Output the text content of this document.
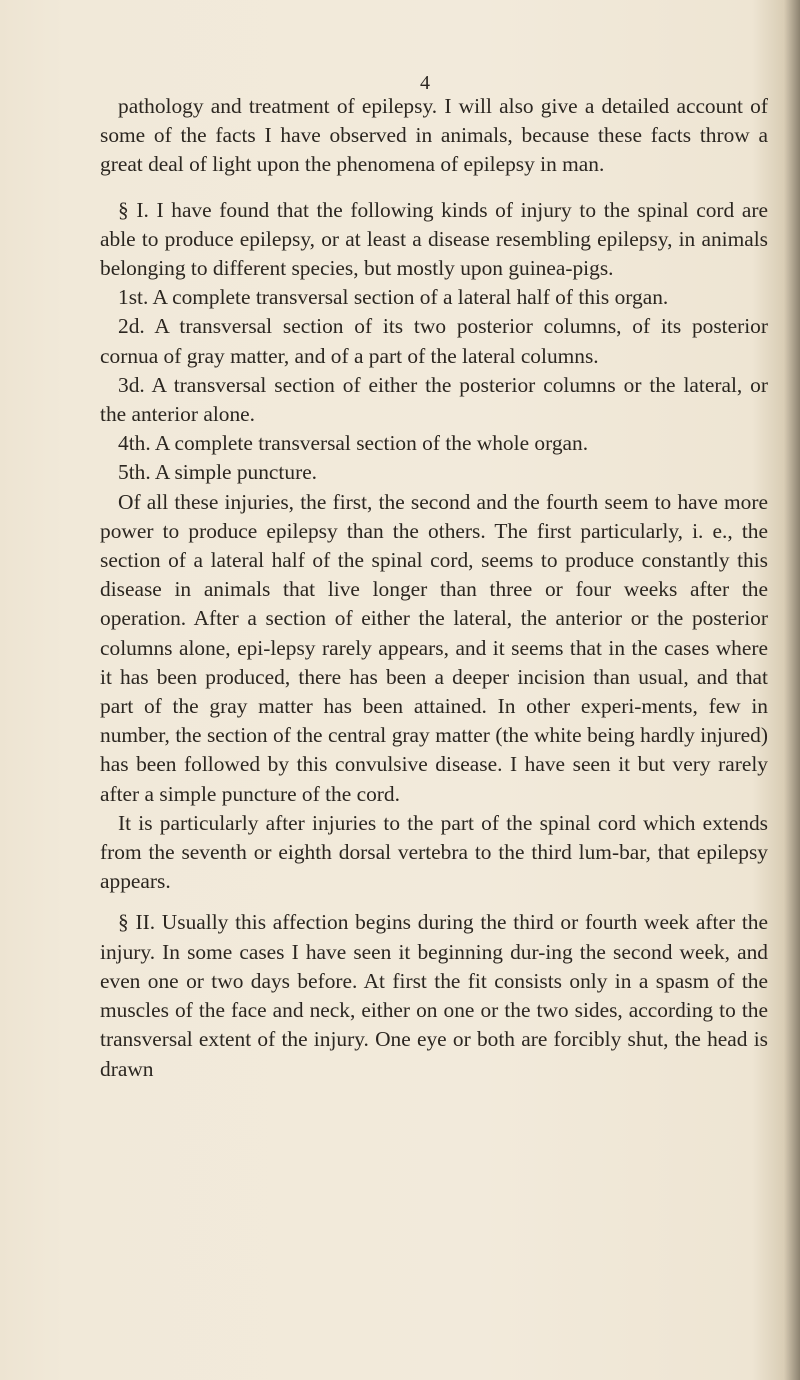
4

pathology and treatment of epilepsy. I will also give a detailed account of some of the facts I have observed in animals, because these facts throw a great deal of light upon the phenomena of epilepsy in man.

§ I. I have found that the following kinds of injury to the spinal cord are able to produce epilepsy, or at least a disease resembling epilepsy, in animals belonging to different species, but mostly upon guinea-pigs.

1st. A complete transversal section of a lateral half of this organ.

2d. A transversal section of its two posterior columns, of its posterior cornua of gray matter, and of a part of the lateral columns.

3d. A transversal section of either the posterior columns or the lateral, or the anterior alone.

4th. A complete transversal section of the whole organ.

5th. A simple puncture.

Of all these injuries, the first, the second and the fourth seem to have more power to produce epilepsy than the others. The first particularly, i. e., the section of a lateral half of the spinal cord, seems to produce constantly this disease in animals that live longer than three or four weeks after the operation. After a section of either the lateral, the anterior or the posterior columns alone, epi-lepsy rarely appears, and it seems that in the cases where it has been produced, there has been a deeper incision than usual, and that part of the gray matter has been attained. In other experi-ments, few in number, the section of the central gray matter (the white being hardly injured) has been followed by this convulsive disease. I have seen it but very rarely after a simple puncture of the cord.

It is particularly after injuries to the part of the spinal cord which extends from the seventh or eighth dorsal vertebra to the third lum-bar, that epilepsy appears.

§ II. Usually this affection begins during the third or fourth week after the injury. In some cases I have seen it beginning dur-ing the second week, and even one or two days before. At first the fit consists only in a spasm of the muscles of the face and neck, either on one or the two sides, according to the transversal extent of the injury. One eye or both are forcibly shut, the head is drawn
